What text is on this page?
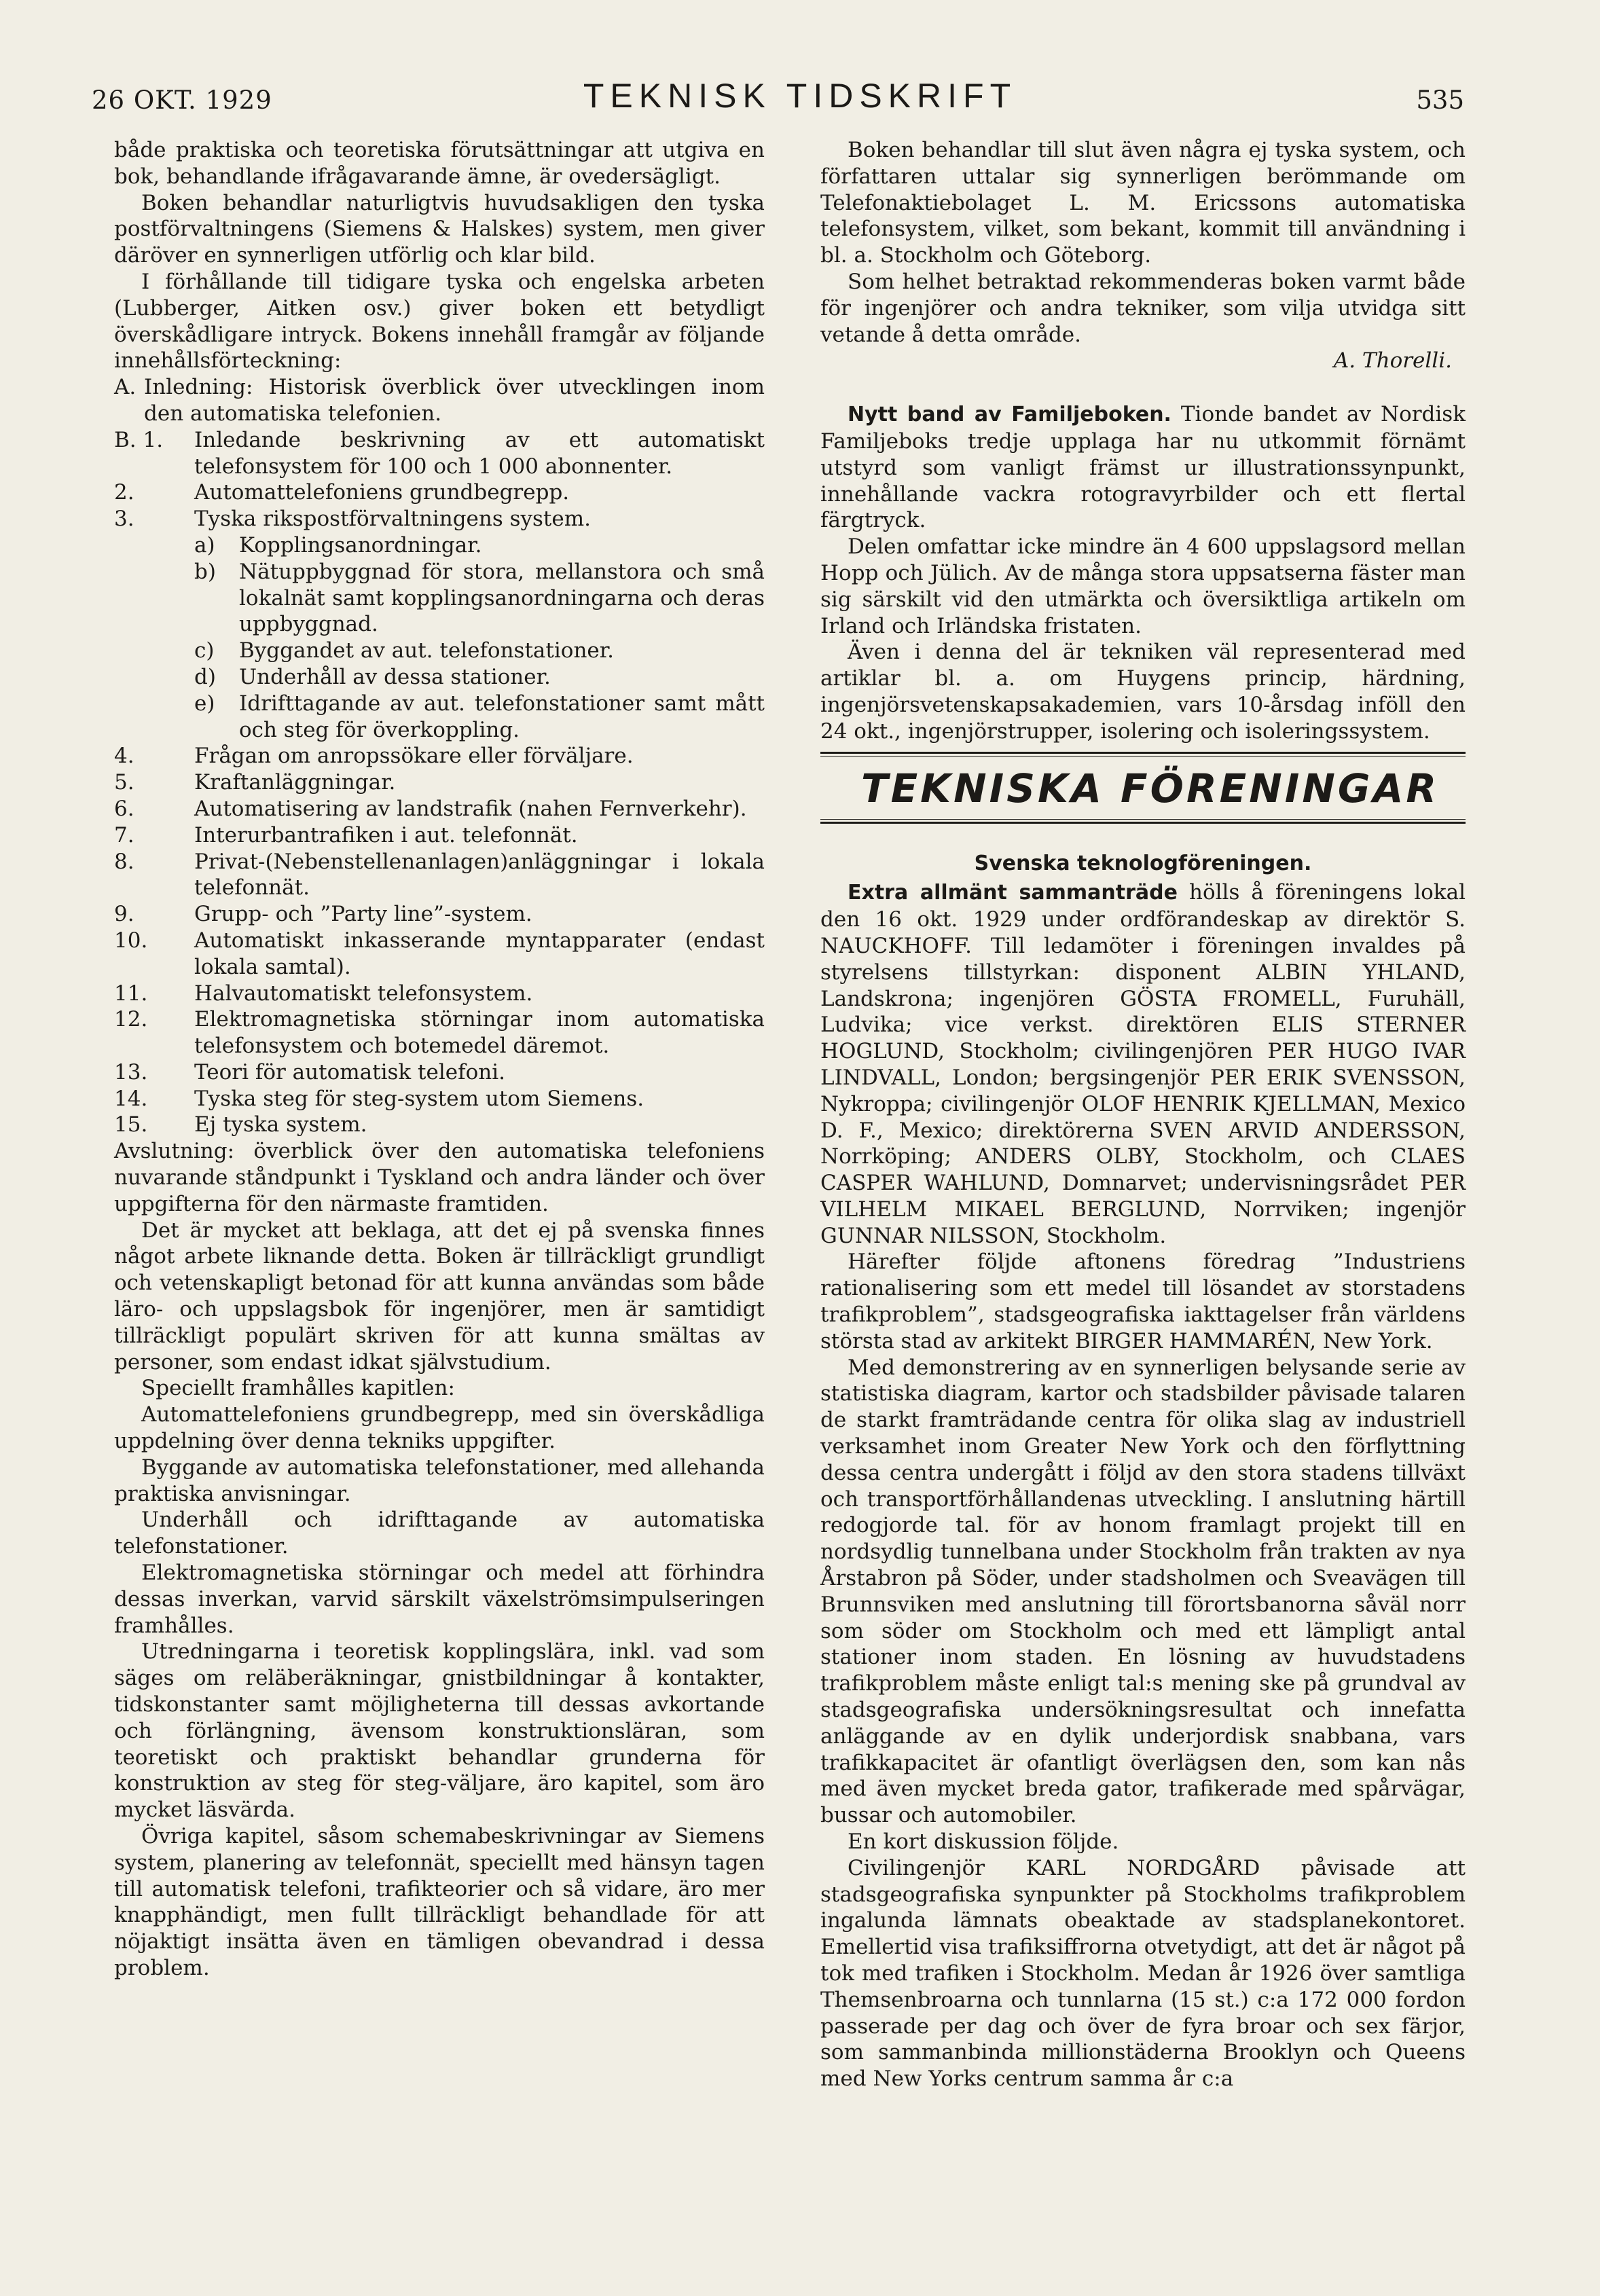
26 OKT. 1929	TEKNISK TIDSKRIFT	535

både praktiska och teoretiska förutsättningar att utgiva en bok, behandlande ifrågavarande ämne, är ovedersägligt.

Boken behandlar naturligtvis huvudsakligen den tyska postförvaltningens (Siemens & Halskes) system, men giver däröver en synnerligen utförlig och klar bild.

I förhållande till tidigare tyska och engelska arbeten (Lubberger, Aitken osv.) giver boken ett betydligt överskådligare intryck. Bokens innehåll framgår av följande innehållsförteckning:

A. Inledning: Historisk överblick över utvecklingen inom den automatiska telefonien.
B. 1.	Inledande beskrivning av ett automatiskt telefonsystem för 100 och 1 000 abonnenter.
2.	Automattelefoniens grundbegrepp.
3.	Tyska rikspostförvaltningens system.
a)	Kopplingsanordningar.
b)	Nätuppbyggnad för stora, mellanstora och små lokalnät samt kopplingsanordningarna och deras uppbyggnad.
c)	Byggandet av aut. telefonstationer.
d)	Underhåll av dessa stationer.
e)	Idrifttagande av aut. telefonstationer samt mått och steg för överkoppling.
4.	Frågan om anropssökare eller förväljare.
5.	Kraftanläggningar.
6.	Automatisering av landstrafik (nahen Fernverkehr).
7.	Interurbantrafiken i aut. telefonnät.
8.	Privat-(Nebenstellenanlagen)anläggningar i lokala telefonnät.
9.	Grupp- och ”Party line”-system.
10.	Automatiskt inkasserande myntapparater (endast lokala samtal).
11.	Halvautomatiskt telefonsystem.
12.	Elektromagnetiska störningar inom automatiska telefonsystem och botemedel däremot.
13.	Teori för automatisk telefoni.
14.	Tyska steg för steg-system utom Siemens.
15.	Ej tyska system.

Avslutning: överblick över den automatiska telefoniens nuvarande ståndpunkt i Tyskland och andra länder och över uppgifterna för den närmaste framtiden.

Det är mycket att beklaga, att det ej på svenska finnes något arbete liknande detta. Boken är tillräckligt grundligt och vetenskapligt betonad för att kunna användas som både läro- och uppslagsbok för ingenjörer, men är samtidigt tillräckligt populärt skriven för att kunna smältas av personer, som endast idkat självstudium.

Speciellt framhålles kapitlen:

Automattelefoniens grundbegrepp, med sin överskådliga uppdelning över denna tekniks uppgifter.

Byggande av automatiska telefonstationer, med allehanda praktiska anvisningar.

Underhåll och idrifttagande av automatiska telefonstationer.

Elektromagnetiska störningar och medel att förhindra dessas inverkan, varvid särskilt växelströmsimpulseringen framhålles.

Utredningarna i teoretisk kopplingslära, inkl. vad som säges om reläberäkningar, gnistbildningar å kontakter, tidskonstanter samt möjligheterna till dessas avkortande och förlängning, ävensom konstruktionsläran, som teoretiskt och praktiskt behandlar grunderna för konstruktion av steg för steg-väljare, äro kapitel, som äro mycket läsvärda.

Övriga kapitel, såsom schemabeskrivningar av Siemens system, planering av telefonnät, speciellt med hänsyn tagen till automatisk telefoni, trafikteorier och så vidare, äro mer knapphändigt, men fullt tillräckligt behandlade för att nöjaktigt insätta även en tämligen obevandrad i dessa problem.

Boken behandlar till slut även några ej tyska system, och författaren uttalar sig synnerligen berömmande om Telefonaktiebolaget L. M. Ericssons automatiska telefonsystem, vilket, som bekant, kommit till användning i bl. a. Stockholm och Göteborg.

Som helhet betraktad rekommenderas boken varmt både för ingenjörer och andra tekniker, som vilja utvidga sitt vetande å detta område.

A. Thorelli.

Nytt band av Familjeboken. Tionde bandet av Nordisk Familjeboks tredje upplaga har nu utkommit förnämt utstyrd som vanligt främst ur illustrationssynpunkt, innehållande vackra rotogravyrbilder och ett flertal färgtryck.

Delen omfattar icke mindre än 4 600 uppslagsord mellan Hopp och Jülich. Av de många stora uppsatserna fäster man sig särskilt vid den utmärkta och översiktliga artikeln om Irland och Irländska fristaten.

Även i denna del är tekniken väl representerad med artiklar bl. a. om Huygens princip, härdning, ingenjörsvetenskapsakademien, vars 10-årsdag inföll den 24 okt., ingenjörstrupper, isolering och isoleringssystem.

TEKNISKA FÖRENINGAR
Svenska teknologföreningen.

Extra allmänt sammanträde hölls å föreningens lokal den 16 okt. 1929 under ordförandeskap av direktör S. NAUCKHOFF. Till ledamöter i föreningen invaldes på styrelsens tillstyrkan: disponent ALBIN YHLAND, Landskrona; ingenjören GÖSTA FROMELL, Furuhäll, Ludvika; vice verkst. direktören ELIS STERNER HOGLUND, Stockholm; civilingenjören PER HUGO IVAR LINDVALL, London; bergsingenjör PER ERIK SVENSSON, Nykroppa; civilingenjör OLOF HENRIK KJELLMAN, Mexico D. F., Mexico; direktörerna SVEN ARVID ANDERSSON, Norrköping; ANDERS OLBY, Stockholm, och CLAES CASPER WAHLUND, Domnarvet; undervisningsrådet PER VILHELM MIKAEL BERGLUND, Norrviken; ingenjör GUNNAR NILSSON, Stockholm.

Härefter följde aftonens föredrag ”Industriens rationalisering som ett medel till lösandet av storstadens trafikproblem”, stadsgeografiska iakttagelser från världens största stad av arkitekt BIRGER HAMMARÉN, New York.

Med demonstrering av en synnerligen belysande serie av statistiska diagram, kartor och stadsbilder påvisade talaren de starkt framträdande centra för olika slag av industriell verksamhet inom Greater New York och den förflyttning dessa centra undergått i följd av den stora stadens tillväxt och transportförhållandenas utveckling. I anslutning härtill redogjorde tal. för av honom framlagt projekt till en nordsydlig tunnelbana under Stockholm från trakten av nya Årstabron på Söder, under stadsholmen och Sveavägen till Brunnsviken med anslutning till förortsbanorna såväl norr som söder om Stockholm och med ett lämpligt antal stationer inom staden. En lösning av huvudstadens trafikproblem måste enligt tal:s mening ske på grundval av stadsgeografiska undersökningsresultat och innefatta anläggande av en dylik underjordisk snabbana, vars trafikkapacitet är ofantligt överlägsen den, som kan nås med även mycket breda gator, trafikerade med spårvägar, bussar och automobiler.

En kort diskussion följde.

Civilingenjör KARL NORDGÅRD påvisade att stadsgeografiska synpunkter på Stockholms trafikproblem ingalunda lämnats obeaktade av stadsplanekontoret. Emellertid visa trafiksiffrorna otvetydigt, att det är något på tok med trafiken i Stockholm. Medan år 1926 över samtliga Themsenbroarna och tunnlarna (15 st.) c:a 172 000 fordon passerade per dag och över de fyra broar och sex färjor, som sammanbinda millionstäderna Brooklyn och Queens med New Yorks centrum samma år c:a
